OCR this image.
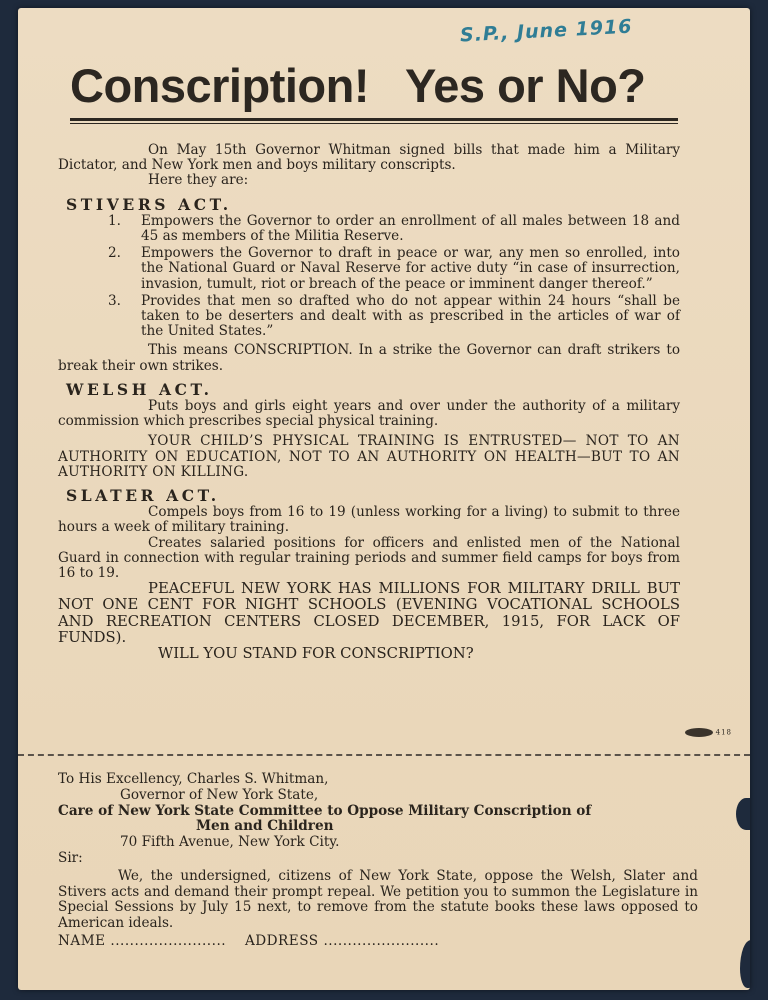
S.P., June 1916
Conscription! Yes or No?

On May 15th Governor Whitman signed bills that made him a Military Dictator, and New York men and boys military conscripts.

Here they are:

STIVERS ACT.
1. Empowers the Governor to order an enrollment of all males between 18 and 45 as members of the Militia Reserve.
2. Empowers the Governor to draft in peace or war, any men so enrolled, into the National Guard or Naval Reserve for active duty “in case of insurrection, invasion, tumult, riot or breach of the peace or imminent danger thereof.”
3. Provides that men so drafted who do not appear within 24 hours “shall be taken to be deserters and dealt with as prescribed in the articles of war of the United States.”

This means CONSCRIPTION. In a strike the Governor can draft strikers to break their own strikes.

WELSH ACT.

Puts boys and girls eight years and over under the authority of a military commission which prescribes special physical training.

YOUR CHILD’S PHYSICAL TRAINING IS ENTRUSTED— NOT TO AN AUTHORITY ON EDUCATION, NOT TO AN AUTHORITY ON HEALTH—BUT TO AN AUTHORITY ON KILLING.

SLATER ACT.

Compels boys from 16 to 19 (unless working for a living) to submit to three hours a week of military training.

Creates salaried positions for officers and enlisted men of the National Guard in connection with regular training periods and summer field camps for boys from 16 to 19.

PEACEFUL NEW YORK HAS MILLIONS FOR MILITARY DRILL BUT NOT ONE CENT FOR NIGHT SCHOOLS (EVENING VOCATIONAL SCHOOLS AND RECREATION CENTERS CLOSED DECEMBER, 1915, FOR LACK OF FUNDS).

WILL YOU STAND FOR CONSCRIPTION?

418
To His Excellency, Charles S. Whitman,
Governor of New York State,
Care of New York State Committee to Oppose Military Conscription of
Men and Children
70 Fifth Avenue, New York City.
Sir:

We, the undersigned, citizens of New York State, oppose the Welsh, Slater and Stivers acts and demand their prompt repeal. We petition you to summon the Legislature in Special Sessions by July 15 next, to remove from the statute books these laws opposed to American ideals.

NAME ........................ ADDRESS ........................
